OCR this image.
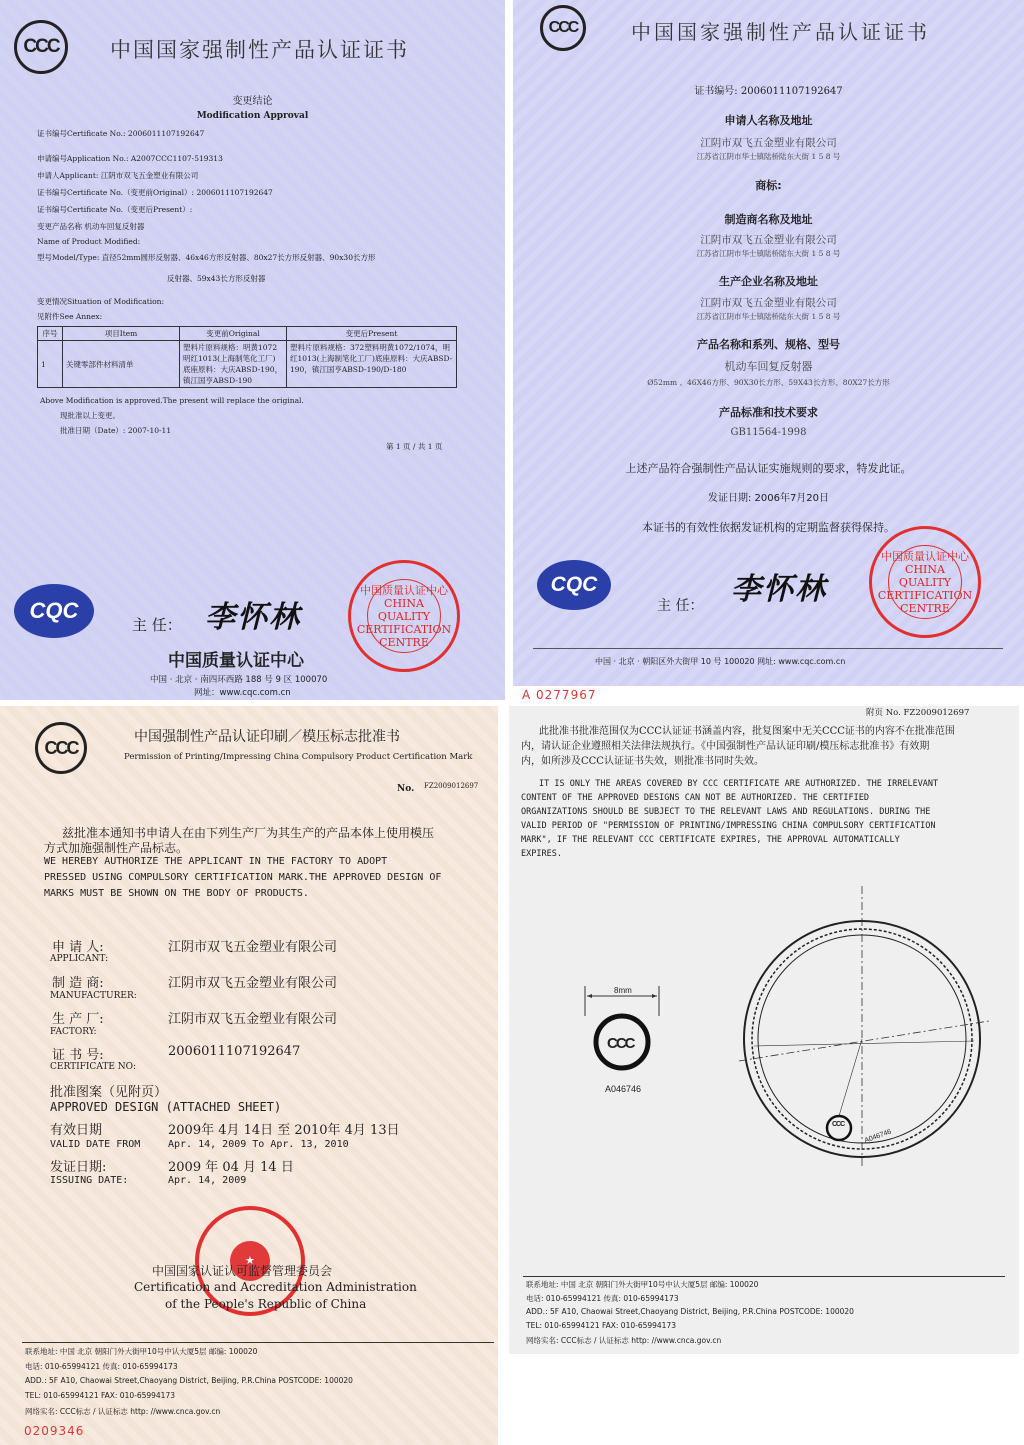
CCC	中国国家强制性产品认证证书
变更结论
Modification Approval
证书编号Certificate No.: 2006011107192647
申请编号Application No.: A2007CCC1107-519313
申请人Applicant: 江阴市双飞五金塑业有限公司
证书编号Certificate No.（变更前Original）: 2006011107192647
证书编号Certificate No.（变更后Present）:
变更产品名称 机动车回复反射器
Name of Product Modified:
型号Model/Type: 直径52mm圆形反射器、46x46方形反射器、80x27长方形反射器、90x30长方形
反射器、59x43长方形反射器
变更情况Situation of Modification:
见附件See Annex:
序号	项目Item	变更前Original	变更后Present
1	关键零部件材料清单	塑料片原料规格：明黄1072明红1013(上海制笔化工厂) 底座原料：大庆ABSD-190，镇江国亨ABSD-190	塑料片原料规格：372塑料明黄1072/1074，明红1013(上海制笔化工厂)底座原料：大庆ABSD-190，镇江国亨ABSD-190/D-180
Above Modification is approved.The present will replace the original.
现批准以上变更。
批准日期（Date）: 2007-10-11
第 1 页 / 共 1 页
CQC
主 任： 李怀林
中国质量认证中心
中国 · 北京 · 南四环西路 188 号 9 区 100070
网址：www.cqc.com.cn
中国质量认证中心 CHINA QUALITY CERTIFICATION CENTRE
CCC	中国国家强制性产品认证证书
证书编号: 2006011107192647
申请人名称及地址
江阴市双飞五金塑业有限公司
江苏省江阴市华士镇陆桥陆东大街 1 5 8 号
商标:
制造商名称及地址
江阴市双飞五金塑业有限公司
江苏省江阴市华士镇陆桥陆东大街 1 5 8 号
生产企业名称及地址
江阴市双飞五金塑业有限公司
江苏省江阴市华士镇陆桥陆东大街 1 5 8 号
产品名称和系列、规格、型号
机动车回复反射器
Ø52mm 、46X46方形、90X30长方形、59X43长方形、80X27长方形
产品标准和技术要求
GB11564-1998
上述产品符合强制性产品认证实施规则的要求，特发此证。
发证日期: 2006年7月20日
本证书的有效性依据发证机构的定期监督获得保持。
CQC
主 任： 李怀林
中国质量认证中心 CHINA QUALITY CERTIFICATION CENTRE
中国 · 北京 · 朝阳区外大街甲 10 号 100020 网址: www.cqc.com.cn
A 0277967
CCC
中国强制性产品认证印刷／模压标志批准书
Permission of Printing/Impressing China Compulsory Product Certification Mark
No. FZ2009012697
兹批准本通知书申请人在由下列生产厂为其生产的产品本体上使用模压
方式加施强制性产品标志。
WE HEREBY AUTHORIZE THE APPLICANT IN THE FACTORY TO ADOPT
PRESSED USING COMPULSORY CERTIFICATION MARK.THE APPROVED DESIGN OF
MARKS MUST BE SHOWN ON THE BODY OF PRODUCTS.
申 请 人:
APPLICANT:
江阴市双飞五金塑业有限公司
制 造 商:
MANUFACTURER:
江阴市双飞五金塑业有限公司
生 产 厂:
FACTORY:
江阴市双飞五金塑业有限公司
证 书 号:
CERTIFICATE NO:
2006011107192647
批准图案（见附页）
APPROVED DESIGN (ATTACHED SHEET)
有效日期	2009年 4月 14日 至 2010年 4月 13日
VALID DATE FROM	Apr. 14, 2009 To Apr. 13, 2010
发证日期:	2009 年 04 月 14 日
ISSUING DATE:	Apr. 14, 2009
★
中国国家认证认可监督管理委员会
Certification and Accreditation Administration
of the People's Republic of China
联系地址: 中国 北京 朝阳门外大街甲10号中认大厦5层 邮编: 100020
电话: 010-65994121 传真: 010-65994173
ADD.: 5F A10, Chaowai Street,Chaoyang District, Beijing, P.R.China POSTCODE: 100020
TEL: 010-65994121 FAX: 010-65994173
网络实名: CCC标志 / 认证标志 http: //www.cnca.gov.cn
0209346
附页 No. FZ2009012697
此批准书批准范围仅为CCC认证证书涵盖内容，批复图案中无关CCC证书的内容不在批准范围
内，请认证企业遵照相关法律法规执行。《中国强制性产品认证印刷/模压标志批准书》有效期
内，如所涉及CCC认证证书失效，则批准书同时失效。
IT IS ONLY THE AREAS COVERED BY CCC CERTIFICATE ARE AUTHORIZED. THE IRRELEVANT
CONTENT OF THE APPROVED DESIGNS CAN NOT BE AUTHORIZED. THE CERTIFIED
ORGANIZATIONS SHOULD BE SUBJECT TO THE RELEVANT LAWS AND REGULATIONS. DURING THE
VALID PERIOD OF "PERMISSION OF PRINTING/IMPRESSING CHINA COMPULSORY CERTIFICATION
MARK", IF THE RELEVANT CCC CERTIFICATE EXPIRES, THE APPROVAL AUTOMATICALLY
EXPIRES.
8mm
CCC
A046746
CCC
A046746
联系地址: 中国 北京 朝阳门外大街甲10号中认大厦5层 邮编: 100020
电话: 010-65994121 传真: 010-65994173
ADD.: 5F A10, Chaowai Street,Chaoyang District, Beijing, P.R.China POSTCODE: 100020
TEL: 010-65994121 FAX: 010-65994173
网络实名: CCC标志 / 认证标志 http: //www.cnca.gov.cn
